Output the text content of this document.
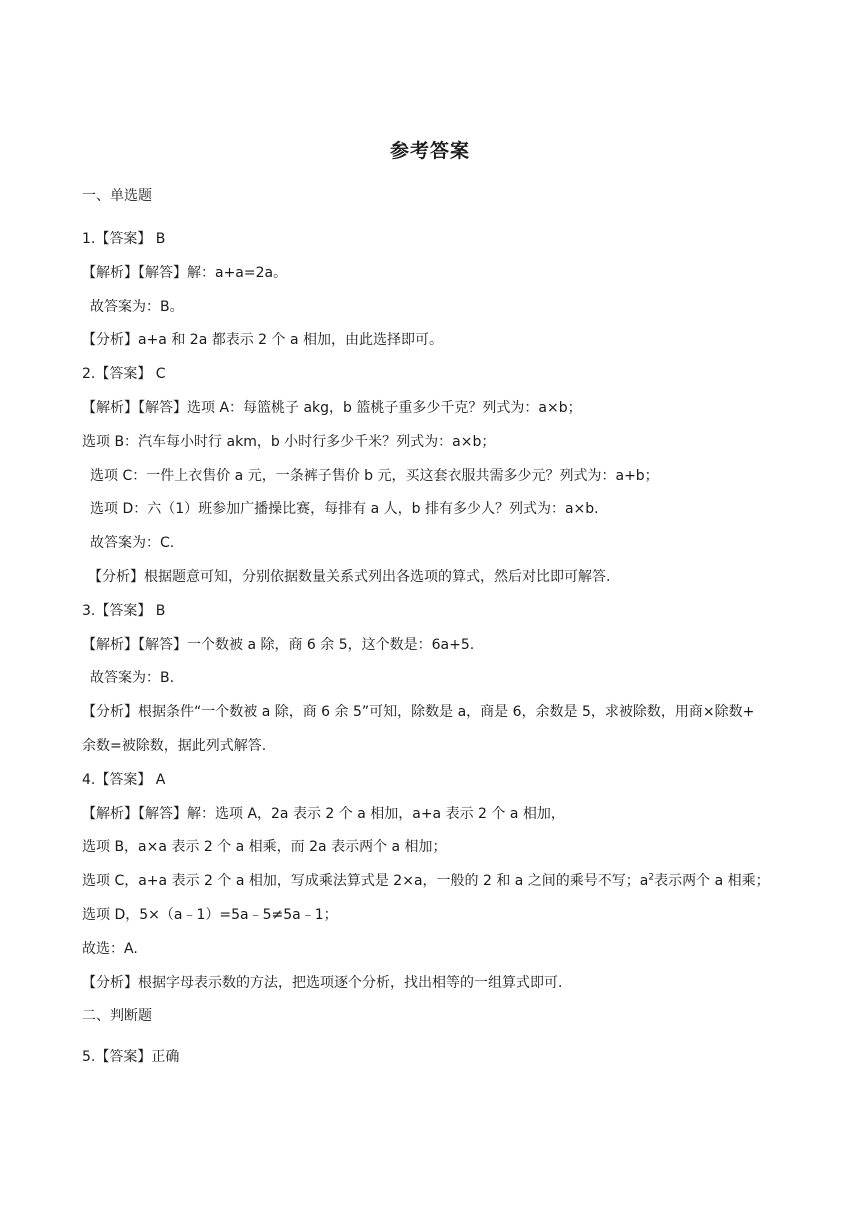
参考答案
一、单选题
1.【答案】 B
【解析】【解答】解：a+a=2a。
故答案为：B。
【分析】a+a 和 2a 都表示 2 个 a 相加，由此选择即可。
2.【答案】 C
【解析】【解答】选项 A：每篮桃子 akg，b 篮桃子重多少千克？列式为：a×b；
选项 B：汽车每小时行 akm，b 小时行多少千米？列式为：a×b；
选项 C：一件上衣售价 a 元，一条裤子售价 b 元，买这套衣服共需多少元？列式为：a+b；
选项 D：六（1）班参加广播操比赛，每排有 a 人，b 排有多少人？列式为：a×b.
故答案为：C.
【分析】根据题意可知，分别依据数量关系式列出各选项的算式，然后对比即可解答.
3.【答案】 B
【解析】【解答】一个数被 a 除，商 6 余 5，这个数是：6a+5.
故答案为：B.
【分析】根据条件“一个数被 a 除，商 6 余 5”可知，除数是 a，商是 6，余数是 5，求被除数，用商×除数+
余数=被除数，据此列式解答.
4.【答案】 A
【解析】【解答】解：选项 A，2a 表示 2 个 a 相加，a+a 表示 2 个 a 相加，
选项 B，a×a 表示 2 个 a 相乘，而 2a 表示两个 a 相加；
选项 C，a+a 表示 2 个 a 相加，写成乘法算式是 2×a，一般的 2 和 a 之间的乘号不写；$a^2$表示两个 a 相乘；
选项 D，5×（a﹣1）=5a﹣5≠5a﹣1；
故选：A.
【分析】根据字母表示数的方法，把选项逐个分析，找出相等的一组算式即可.
二、判断题
5.【答案】正确
